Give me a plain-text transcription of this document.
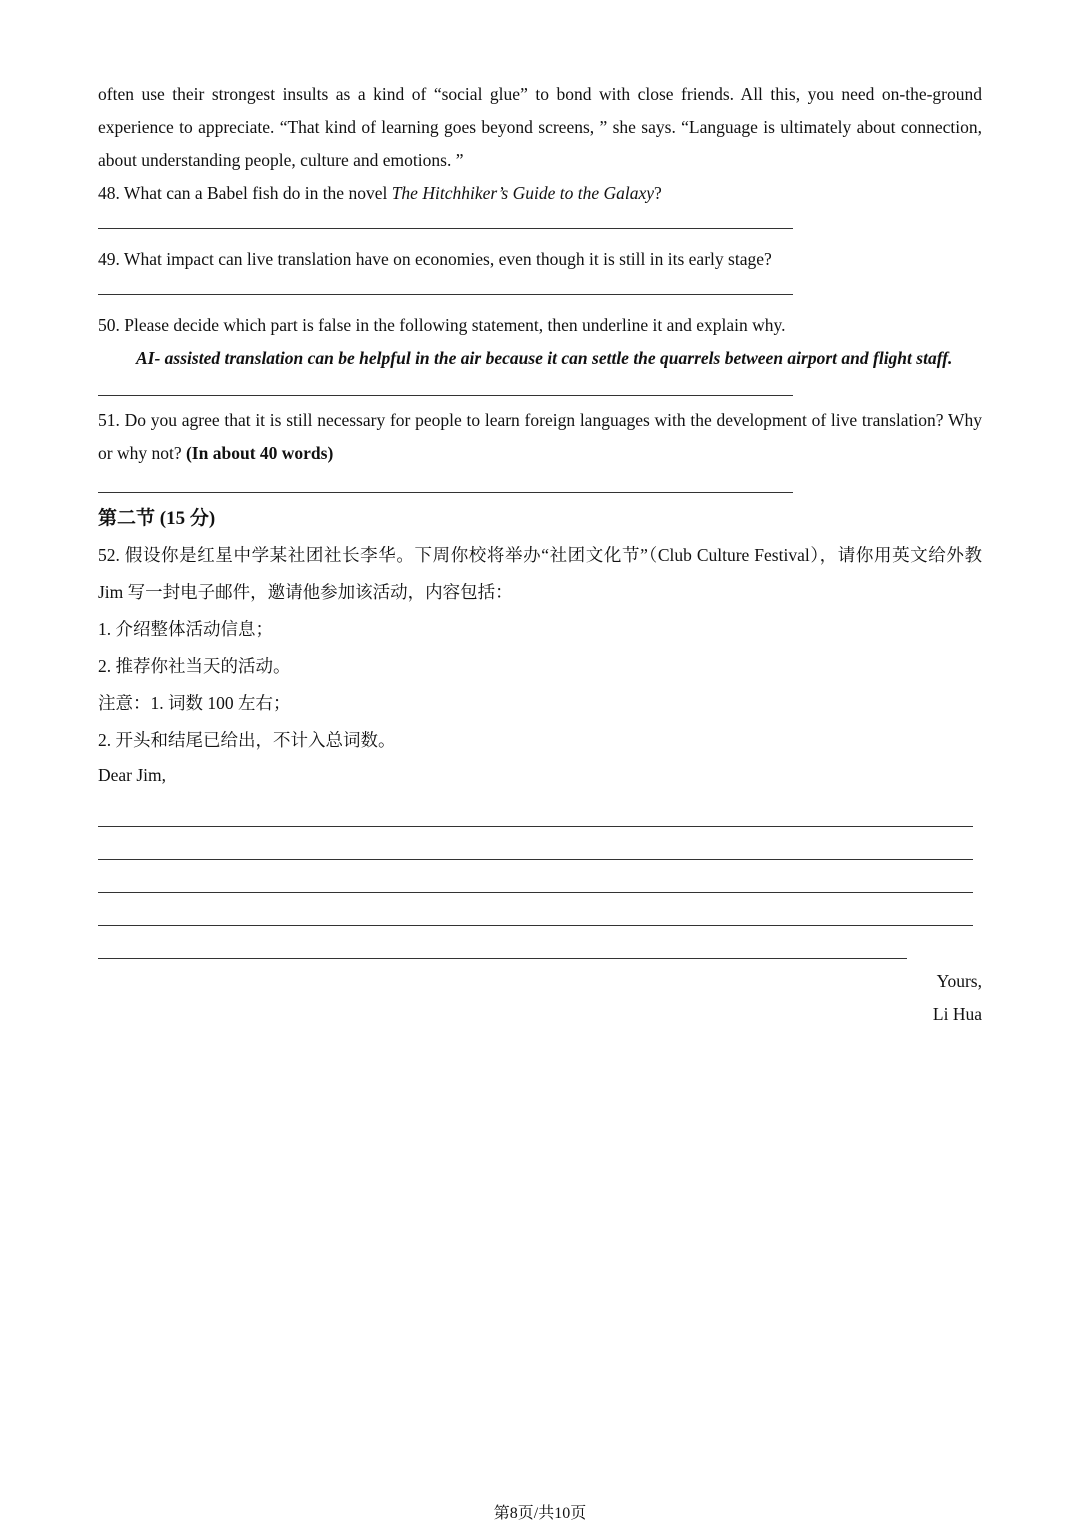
often use their strongest insults as a kind of “social glue” to bond with close friends. All this, you need on-the-ground experience to appreciate. “That kind of learning goes beyond screens, ” she says. “Language is ultimately about connection, about understanding people, culture and emotions. ”

48. What can a Babel fish do in the novel The Hitchhiker’s Guide to the Galaxy?

49. What impact can live translation have on economies, even though it is still in its early stage?

50. Please decide which part is false in the following statement, then underline it and explain why.

AI- assisted translation can be helpful in the air because it can settle the quarrels between airport and flight staff.

51. Do you agree that it is still necessary for people to learn foreign languages with the development of live translation? Why or why not? (In about 40 words)

第二节 (15 分)

52. 假设你是红星中学某社团社长李华。下周你校将举办“社团文化节”（Club Culture Festival），请你用英文给外教 Jim 写一封电子邮件，邀请他参加该活动，内容包括：

1. 介绍整体活动信息；

2. 推荐你社当天的活动。

注意：1. 词数 100 左右；

2. 开头和结尾已给出，不计入总词数。

Dear Jim,

Yours,

Li Hua

第8页/共10页
